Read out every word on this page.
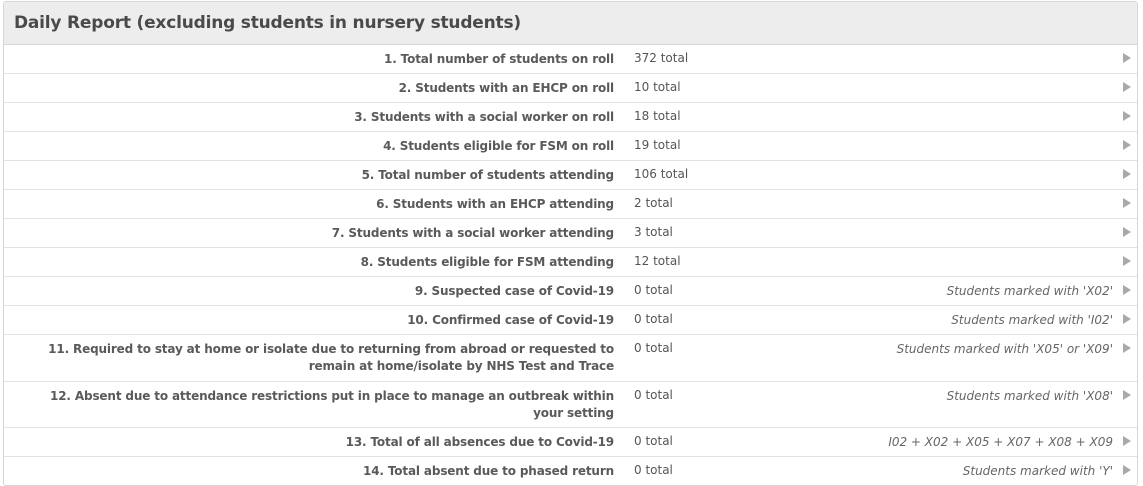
Daily Report (excluding students in nursery students)
1. Total number of students on roll	372 total
2. Students with an EHCP on roll	10 total
3. Students with a social worker on roll	18 total
4. Students eligible for FSM on roll	19 total
5. Total number of students attending	106 total
6. Students with an EHCP attending	2 total
7. Students with a social worker attending	3 total
8. Students eligible for FSM attending	12 total
9. Suspected case of Covid-19	0 total	Students marked with 'X02'
10. Confirmed case of Covid-19	0 total	Students marked with 'I02'
11. Required to stay at home or isolate due to returning from abroad or requested to remain at home/isolate by NHS Test and Trace
0 total	Students marked with 'X05' or 'X09'
12. Absent due to attendance restrictions put in place to manage an outbreak within your setting
0 total	Students marked with 'X08'
13. Total of all absences due to Covid-19	0 total	I02 + X02 + X05 + X07 + X08 + X09
14. Total absent due to phased return	0 total	Students marked with 'Y'
